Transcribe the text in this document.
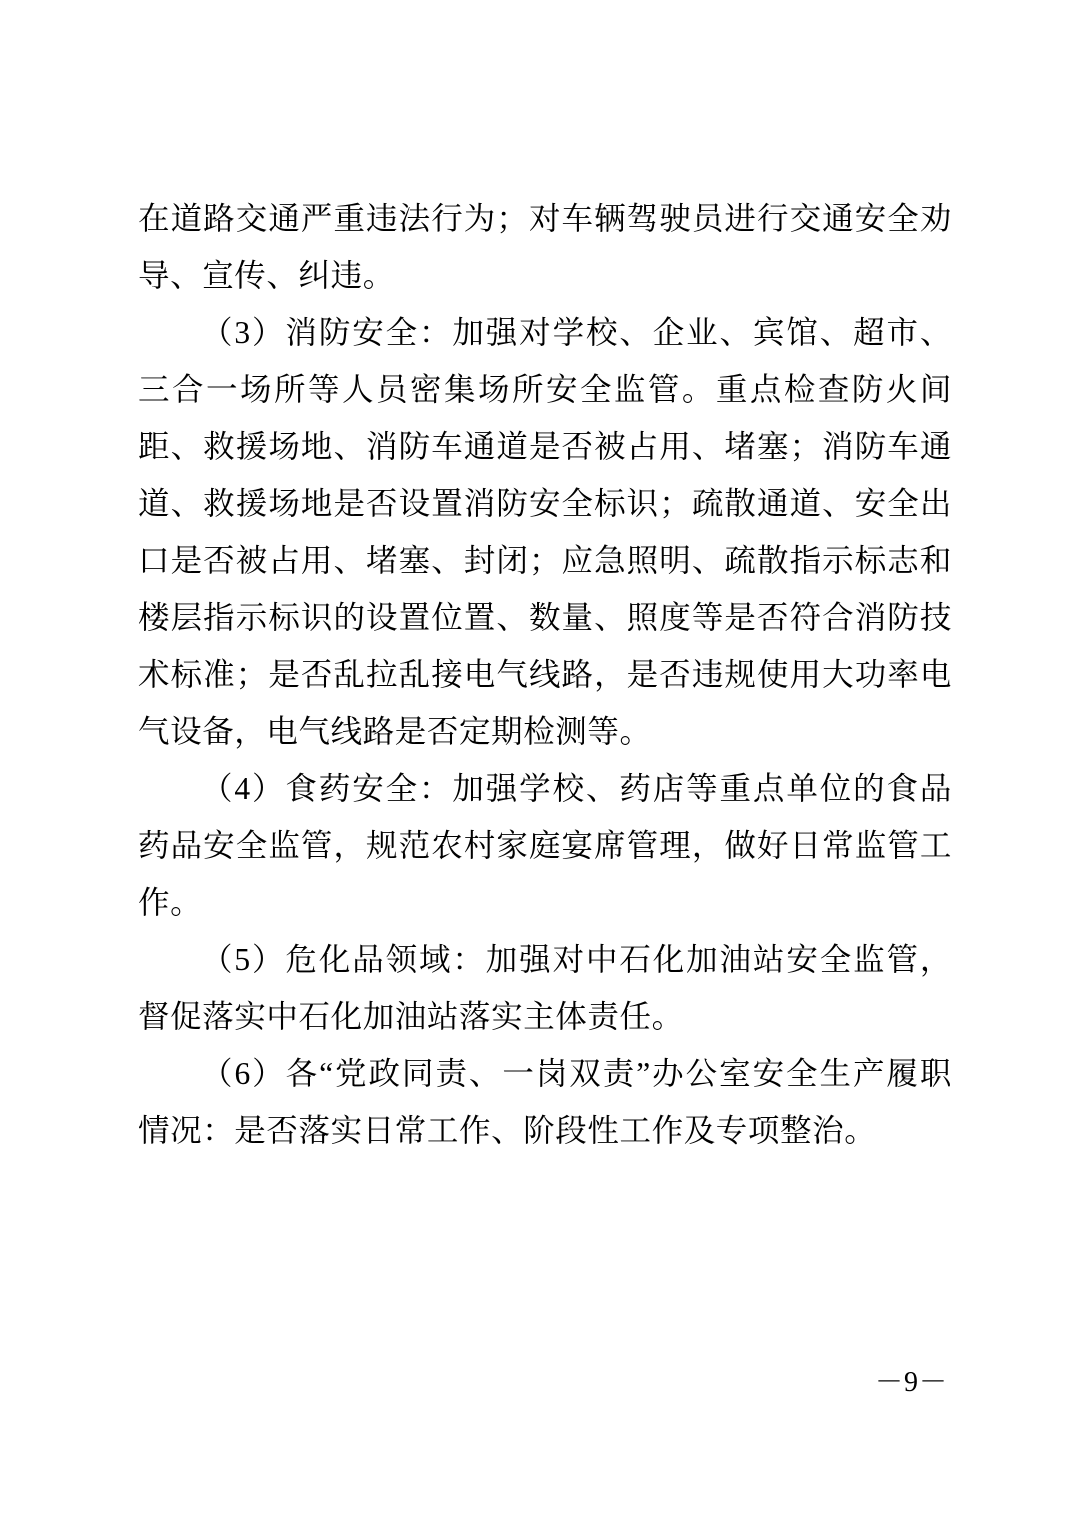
在道路交通严重违法行为；对车辆驾驶员进行交通安全劝导、宣传、纠违。

（3）消防安全：加强对学校、企业、宾馆、超市、三合一场所等人员密集场所安全监管。重点检查防火间距、救援场地、消防车通道是否被占用、堵塞；消防车通道、救援场地是否设置消防安全标识；疏散通道、安全出口是否被占用、堵塞、封闭；应急照明、疏散指示标志和楼层指示标识的设置位置、数量、照度等是否符合消防技术标准；是否乱拉乱接电气线路，是否违规使用大功率电气设备，电气线路是否定期检测等。

（4）食药安全：加强学校、药店等重点单位的食品药品安全监管，规范农村家庭宴席管理，做好日常监管工作。

（5）危化品领域：加强对中石化加油站安全监管，督促落实中石化加油站落实主体责任。

（6）各“党政同责、一岗双责”办公室安全生产履职情况：是否落实日常工作、阶段性工作及专项整治。

－9－
